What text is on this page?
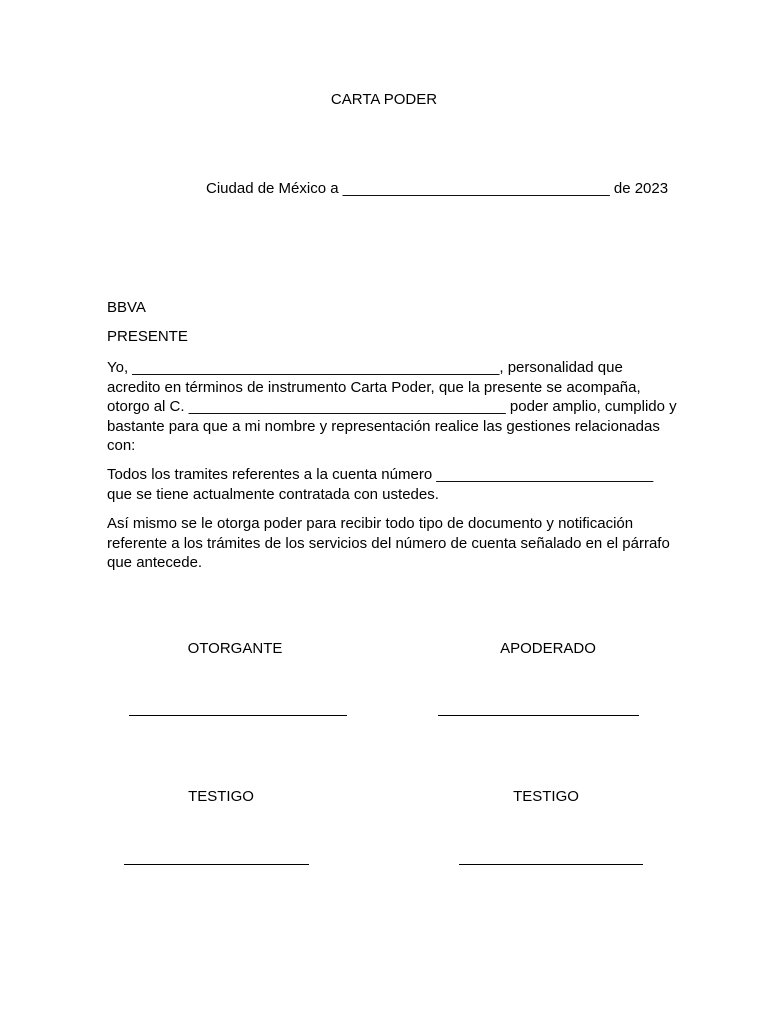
CARTA PODER
Ciudad de México a ________________________________ de 2023
BBVA
PRESENTE
Yo, ____________________________________________, personalidad que acredito en términos de instrumento Carta Poder, que la presente se acompaña, otorgo al C. ______________________________________ poder amplio, cumplido y bastante para que a mi nombre y representación realice las gestiones relacionadas con:
Todos los tramites referentes a la cuenta número __________________________ que se tiene actualmente contratada con ustedes.
Así mismo se le otorga poder para recibir todo tipo de documento y notificación referente a los trámites de los servicios del número de cuenta señalado en el párrafo que antecede.
OTORGANTE	APODERADO
TESTIGO	TESTIGO
